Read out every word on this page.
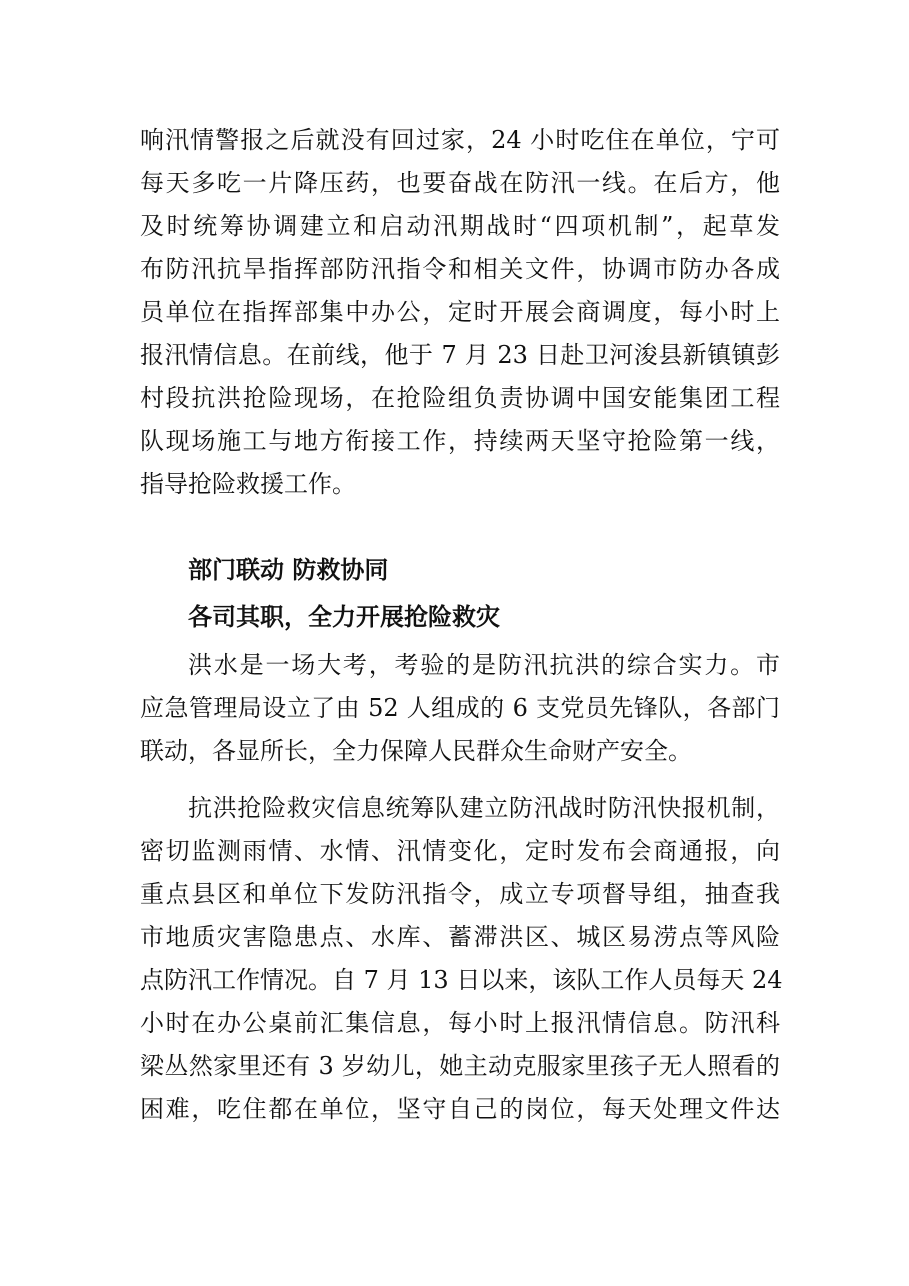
响汛情警报之后就没有回过家，24 小时吃住在单位，宁可
每天多吃一片降压药，也要奋战在防汛一线。在后方，他
及时统筹协调建立和启动汛期战时“四项机制”，起草发
布防汛抗旱指挥部防汛指令和相关文件，协调市防办各成
员单位在指挥部集中办公，定时开展会商调度，每小时上
报汛情信息。在前线，他于 7 月 23 日赴卫河浚县新镇镇彭
村段抗洪抢险现场，在抢险组负责协调中国安能集团工程
队现场施工与地方衔接工作，持续两天坚守抢险第一线，
指导抢险救援工作。
部门联动 防救协同
各司其职，全力开展抢险救灾
洪水是一场大考，考验的是防汛抗洪的综合实力。市
应急管理局设立了由 52 人组成的 6 支党员先锋队，各部门
联动，各显所长，全力保障人民群众生命财产安全。
抗洪抢险救灾信息统筹队建立防汛战时防汛快报机制，
密切监测雨情、水情、汛情变化，定时发布会商通报，向
重点县区和单位下发防汛指令，成立专项督导组，抽查我
市地质灾害隐患点、水库、蓄滞洪区、城区易涝点等风险
点防汛工作情况。自 7 月 13 日以来，该队工作人员每天 24
小时在办公桌前汇集信息，每小时上报汛情信息。防汛科
梁丛然家里还有 3 岁幼儿，她主动克服家里孩子无人照看的
困难，吃住都在单位，坚守自己的岗位，每天处理文件达
